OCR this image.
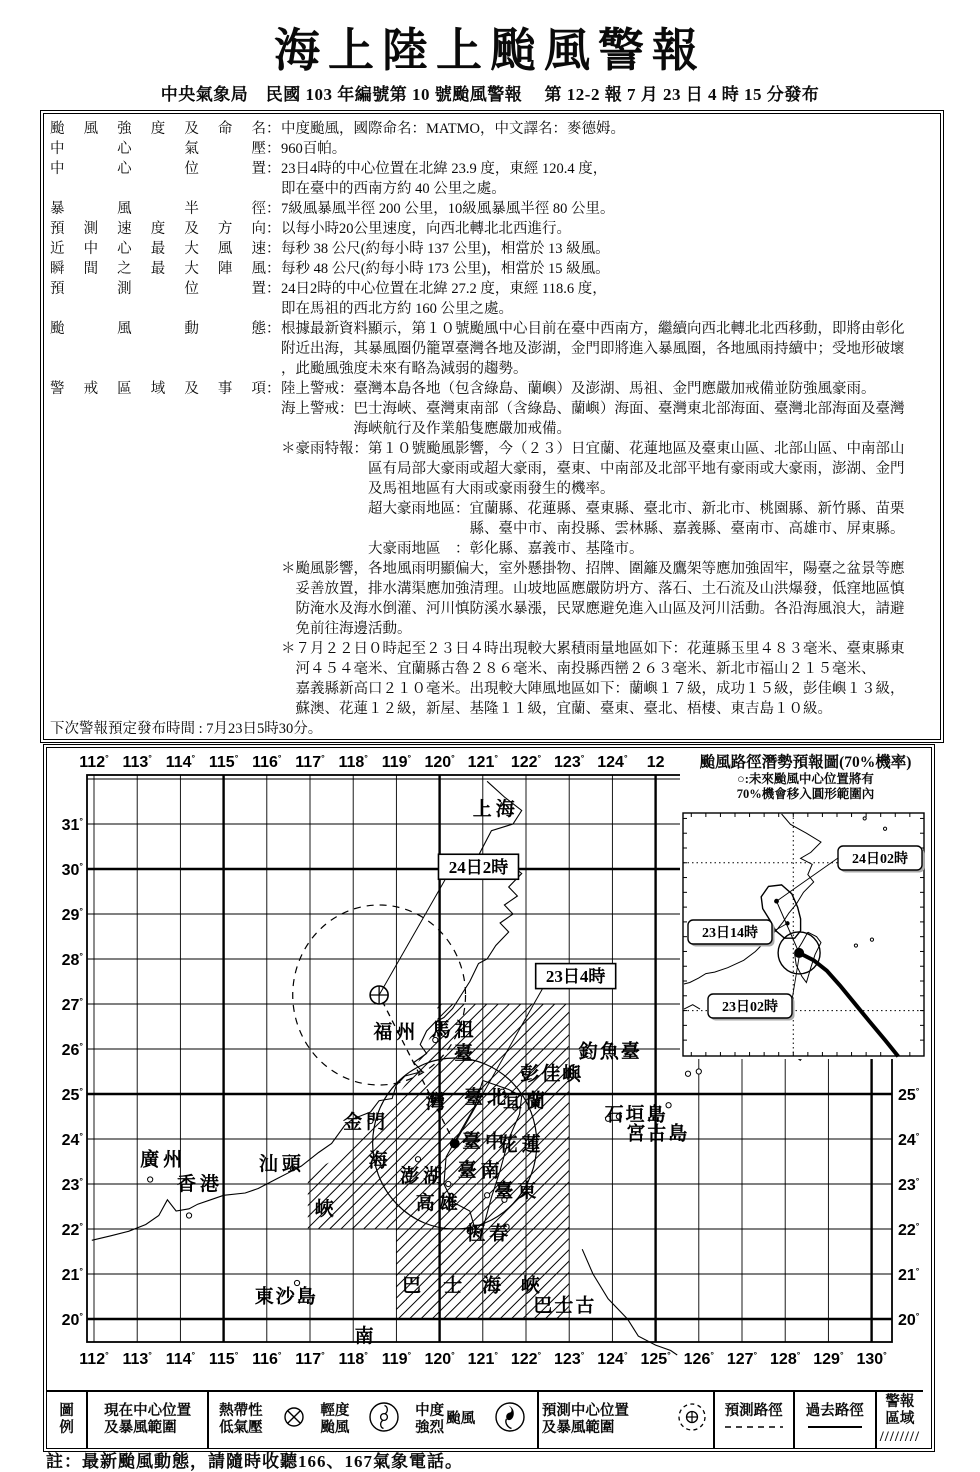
海上陸上颱風警報
中央氣象局　民國 103 年編號第 10 號颱風警報　 第 12-2 報 7 月 23 日 4 時 15 分發布
颱風強度及命名 ： 中度颱風，國際命名：MATMO，中文譯名：麥德姆。
中心氣壓 ： 960百帕。
中心位置 ： 23日4時的中心位置在北緯 23.9 度，東經 120.4 度，
即在臺中的西南方約 40 公里之處。
暴風半徑 ： 7級風暴風半徑 200 公里，10級風暴風半徑 80 公里。
預測速度及方向 ： 以每小時20公里速度，向西北轉北北西進行。
近中心最大風速 ： 每秒 38 公尺(約每小時 137 公里)，相當於 13 級風。
瞬間之最大陣風 ： 每秒 48 公尺(約每小時 173 公里)，相當於 15 級風。
預測位置 ： 24日2時的中心位置在北緯 27.2 度，東經 118.6 度，
即在馬祖的西北方約 160 公里之處。
颱風動態 ： 根據最新資料顯示，第１０號颱風中心目前在臺中西南方，繼續向西北轉北北西移動，即將由彰化
附近出海，其暴風圈仍籠罩臺灣各地及澎湖，金門即將進入暴風圈，各地風雨持續中；受地形破壞
，此颱風強度未來有略為減弱的趨勢。
警戒區域及事項 ： 陸上警戒：臺灣本島各地（包含綠島、蘭嶼）及澎湖、馬祖、金門應嚴加戒備並防強風豪雨。
海上警戒：巴士海峽、臺灣東南部（含綠島、蘭嶼）海面、臺灣東北部海面、臺灣北部海面及臺灣
　　　　　海峽航行及作業船隻應嚴加戒備。
＊豪雨特報：第１０號颱風影響，今（２３）日宜蘭、花蓮地區及臺東山區、北部山區、中南部山
　　　　　　區有局部大豪雨或超大豪雨，臺東、中南部及北部平地有豪雨或大豪雨，澎湖、金門
　　　　　　及馬祖地區有大雨或豪雨發生的機率。
　　　　　　超大豪雨地區：宜蘭縣、花蓮縣、臺東縣、臺北市、新北市、桃園縣、新竹縣、苗栗
　　　　　　　　　　　　　縣、臺中市、南投縣、雲林縣、嘉義縣、臺南市、高雄市、屏東縣。
　　　　　　大豪雨地區　：彰化縣、嘉義市、基隆市。
＊颱風影響，各地風雨明顯偏大，室外懸掛物、招牌、圍籬及鷹架等應加強固牢，陽臺之盆景等應
　妥善放置，排水溝渠應加強清理。山坡地區應嚴防坍方、落石、土石流及山洪爆發，低窪地區慎
　防淹水及海水倒灌、河川慎防溪水暴漲，民眾應避免進入山區及河川活動。各沿海風浪大，請避
　免前往海邊活動。
＊７月２２日０時起至２３日４時出現較大累積雨量地區如下：花蓮縣玉里４８３毫米、臺東縣東
　河４５４毫米、宜蘭縣古魯２８６毫米、南投縣西巒２６３毫米、新北市福山２１５毫米、
　嘉義縣新高口２１０毫米。出現較大陣風地區如下：蘭嶼１７級，成功１５級，彭佳嶼１３級，
　蘇澳、花蓮１２級，新屋、基隆１１級，宜蘭、臺東、臺北、梧棲、東吉島１０級。
下次警報預定發布時間 : 7月23日5時30分。
24日2時
23日4時
上海
福州 馬祖
臺
灣
海
峽
釣魚臺
彭佳嶼
臺北
宜蘭
石垣島
宮古島
廣州
香港
汕頭
金門
臺中
花蓮
澎湖 臺南
臺東
高雄
恆春
東沙島
南
巴 士 海 峽
巴士古
112° 113° 114° 115° 116° 117° 118° 119° 120° 121° 122° 123° 124° 12
112° 113° 114° 115° 116° 117° 118° 119° 120° 121° 122° 123° 124° 125° 126° 127° 128° 129° 130°
31°
30°
29°
28°
27°
26°
25°
24°
23°
22°
21°
20°
25°
24°
23°
22°
21°
20°
颱風路徑潛勢預報圖(70%機率)
○:未來颱風中心位置將有
70%機會移入圓形範圍內
24日02時
23日14時
23日02時
圖
例
現在中心位置
及暴風範圍
熱帶性
低氣壓
輕度
颱風
中度
強烈
颱風
預測中心位置
及暴風範圍
預測路徑 過去路徑
警報區域
////////
註：最新颱風動態，請隨時收聽166、167氣象電話。
